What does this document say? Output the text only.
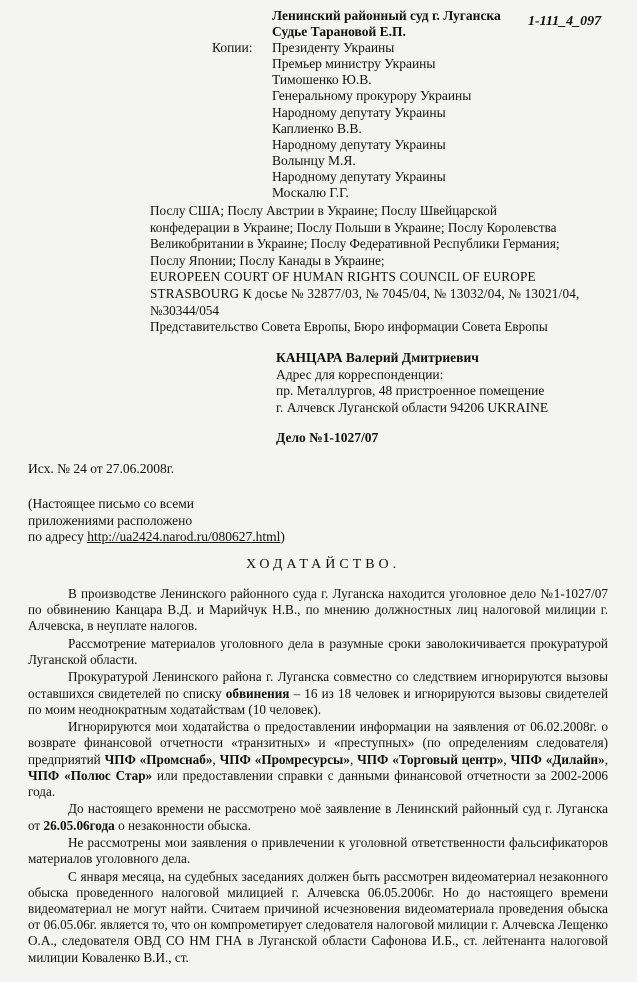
1-111_4_097
Ленинский районный суд г. Луганска
Судье Тарановой Е.П.
Президенту Украины
Премьер министру Украины
Тимошенко Ю.В.
Генеральному прокурору Украины
Народному депутату Украины
Каплиенко В.В.
Народному депутату Украины
Волынцу М.Я.
Народному депутату Украины
Москалю Г.Г.
Копии:
Послу США; Послу Австрии в Украине; Послу Швейцарской
конфедерации в Украине; Послу Польши в Украине; Послу Королевства
Великобритании в Украине; Послу Федеративной Республики Германия;
Послу Японии; Послу Канады в Украине;
EUROPEEN COURT OF HUMAN RIGHTS COUNCIL OF EUROPE
STRASBOURG К досье № 32877/03, № 7045/04, № 13032/04, № 13021/04,
№30344/054
Представительство Совета Европы, Бюро информации Совета Европы
КАНЦАРА Валерий Дмитриевич
Адрес для корреспонденции:
пр. Металлургов, 48 пристроенное помещение
г. Алчевск Луганской области 94206 UKRAINE
Дело №1-1027/07
Исх. № 24 от 27.06.2008г.
(Настоящее письмо со всеми
приложениями расположено
по адресу http://ua2424.narod.ru/080627.html)
ХОДАТАЙСТВО.

В производстве Ленинского районного суда г. Луганска находится уголовное дело №1-1027/07 по обвинению Канцара В.Д. и Марийчук Н.В., по мнению должностных лиц налоговой милиции г. Алчевска, в неуплате налогов.

Рассмотрение материалов уголовного дела в разумные сроки заволокичивается прокуратурой Луганской области.

Прокуратурой Ленинского района г. Луганска совместно со следствием игнорируются вызовы оставшихся свидетелей по списку обвинения – 16 из 18 человек и игнорируются вызовы свидетелей по моим неоднократным ходатайствам (10 человек).

Игнорируются мои ходатайства о предоставлении информации на заявления от 06.02.2008г. о возврате финансовой отчетности «транзитных» и «преступных» (по определениям следователя) предприятий ЧПФ «Промснаб», ЧПФ «Промресурсы», ЧПФ «Торговый центр», ЧПФ «Дилайн», ЧПФ «Полюс Стар» или предоставлении справки с данными финансовой отчетности за 2002-2006 года.

До настоящего времени не рассмотрено моё заявление в Ленинский районный суд г. Луганска от 26.05.06года о незаконности обыска.

Не рассмотрены мои заявления о привлечении к уголовной ответственности фальсификаторов материалов уголовного дела.

С января месяца, на судебных заседаниях должен быть рассмотрен видеоматериал незаконного обыска проведенного налоговой милицией г. Алчевска 06.05.2006г. Но до настоящего времени видеоматериал не могут найти. Считаем причиной исчезновения видеоматериала проведения обыска от 06.05.06г. является то, что он компрометирует следователя налоговой милиции г. Алчевска Лещенко О.А., следователя ОВД СО НМ ГНА в Луганской области Сафонова И.Б., ст. лейтенанта налоговой милиции Коваленко В.И., ст.
